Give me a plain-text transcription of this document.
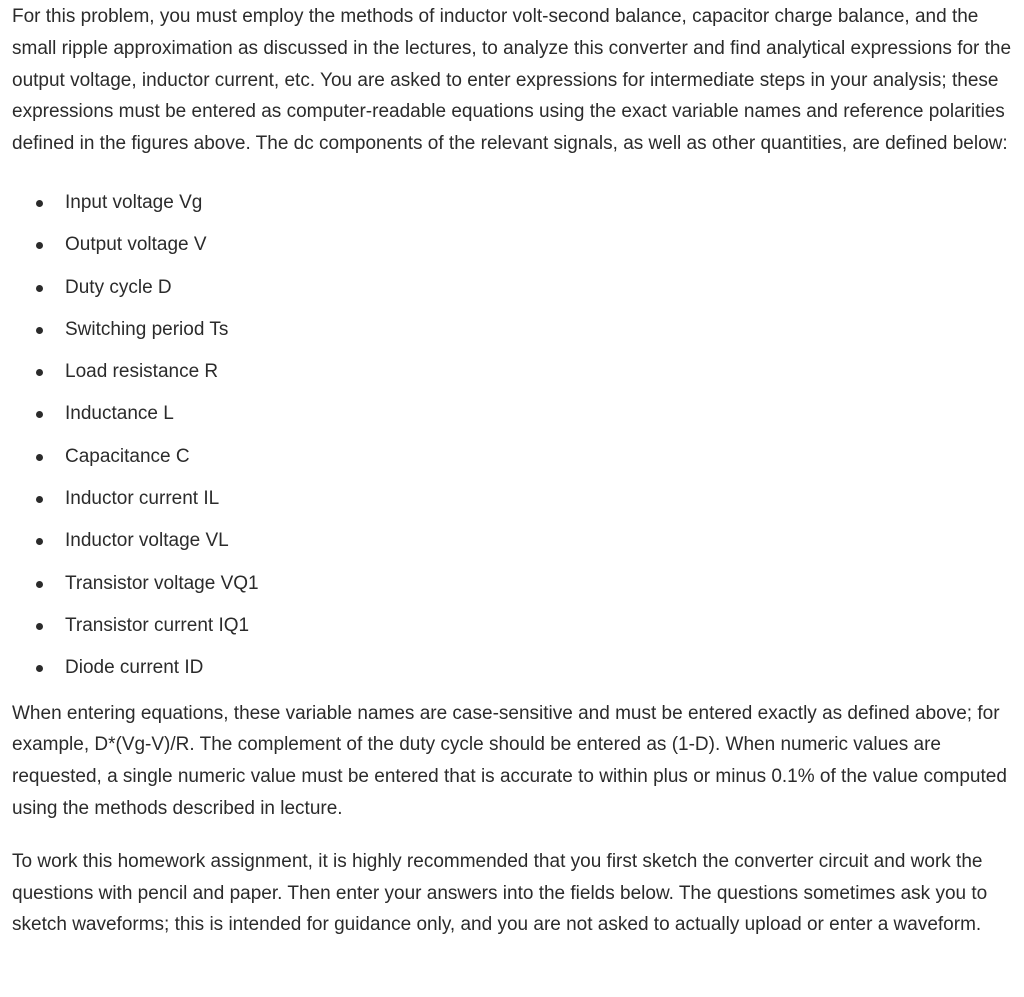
For this problem, you must employ the methods of inductor volt-second balance, capacitor charge balance, and the small ripple approximation as discussed in the lectures, to analyze this converter and find analytical expressions for the output voltage, inductor current, etc. You are asked to enter expressions for intermediate steps in your analysis; these expressions must be entered as computer-readable equations using the exact variable names and reference polarities defined in the figures above. The dc components of the relevant signals, as well as other quantities, are defined below:

Input voltage Vg
Output voltage V
Duty cycle D
Switching period Ts
Load resistance R
Inductance L
Capacitance C
Inductor current IL
Inductor voltage VL
Transistor voltage VQ1
Transistor current IQ1
Diode current ID

When entering equations, these variable names are case-sensitive and must be entered exactly as defined above; for example, D*(Vg-V)/R. The complement of the duty cycle should be entered as (1-D). When numeric values are requested, a single numeric value must be entered that is accurate to within plus or minus 0.1% of the value computed using the methods described in lecture.

To work this homework assignment, it is highly recommended that you first sketch the converter circuit and work the questions with pencil and paper. Then enter your answers into the fields below. The questions sometimes ask you to sketch waveforms; this is intended for guidance only, and you are not asked to actually upload or enter a waveform.
